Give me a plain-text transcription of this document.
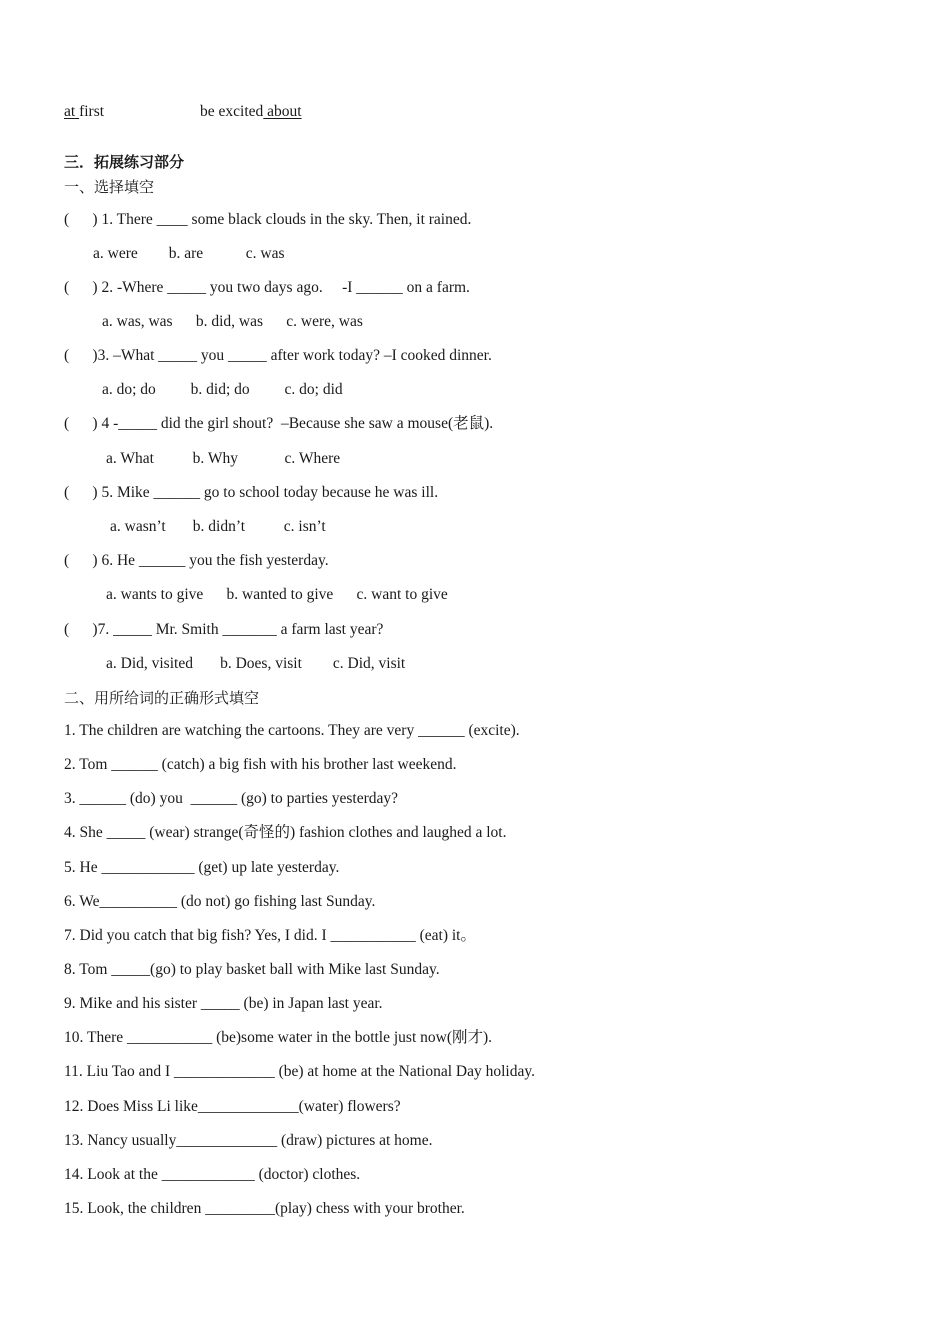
at first	be excited about
三．拓展练习部分
一、选择填空
(      ) 1. There ____ some black clouds in the sky. Then, it rained.
a. were        b. are           c. was
(      ) 2. -Where _____ you two days ago.     -I ______ on a farm.
a. was, was      b. did, was      c. were, was
(      )3. –What _____ you _____ after work today? –I cooked dinner.
a. do; do         b. did; do         c. do; did
(      ) 4 -_____ did the girl shout?  –Because she saw a mouse(老鼠).
a. What          b. Why            c. Where
(      ) 5. Mike ______ go to school today because he was ill.
a. wasn’t       b. didn’t          c. isn’t
(      ) 6. He ______ you the fish yesterday.
a. wants to give      b. wanted to give      c. want to give
(      )7. _____ Mr. Smith _______ a farm last year?
a. Did, visited       b. Does, visit        c. Did, visit
二、用所给词的正确形式填空
1. The children are watching the cartoons. They are very ______ (excite).
2. Tom ______ (catch) a big fish with his brother last weekend.
3. ______ (do) you  ______ (go) to parties yesterday?
4. She _____ (wear) strange(奇怪的) fashion clothes and laughed a lot.
5. He ____________ (get) up late yesterday.
6. We__________ (do not) go fishing last Sunday.
7. Did you catch that big fish? Yes, I did. I ___________ (eat) it。
8. Tom _____(go) to play basket ball with Mike last Sunday.
9. Mike and his sister _____ (be) in Japan last year.
10. There ___________ (be)some water in the bottle just now(刚才).
11. Liu Tao and I _____________ (be) at home at the National Day holiday.
12. Does Miss Li like_____________(water) flowers?
13. Nancy usually_____________ (draw) pictures at home.
14. Look at the ____________ (doctor) clothes.
15. Look, the children _________(play) chess with your brother.
